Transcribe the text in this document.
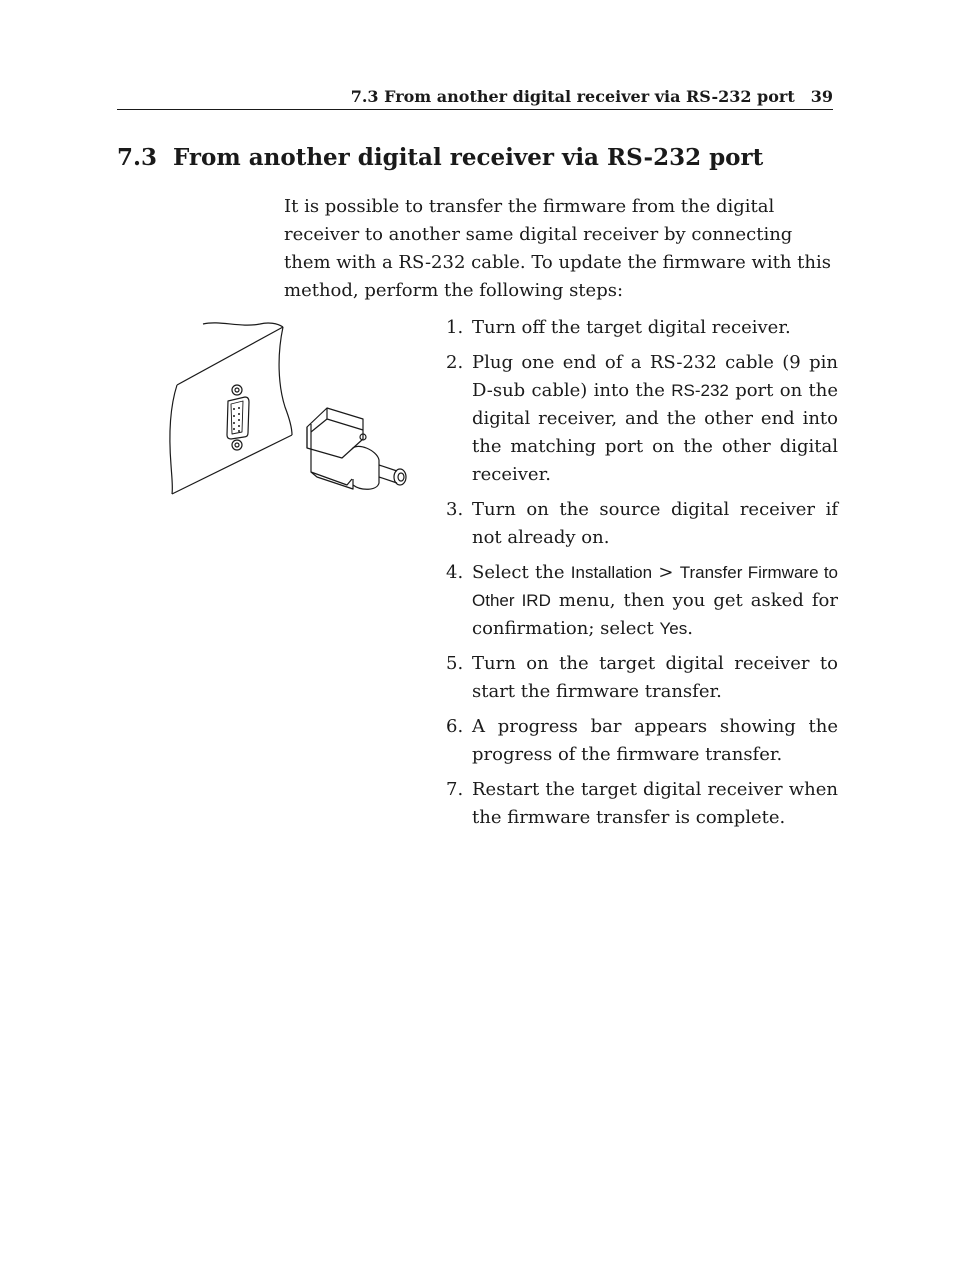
7.3 From another digital receiver via RS-232 port 39
7.3 From another digital receiver via RS-232 port

It is possible to transfer the firmware from the digital receiver to another same digital receiver by connecting them with a RS-232 cable. To update the firmware with this method, perform the following steps:

1. Turn off the target digital receiver.
2. Plug one end of a RS-232 cable (9 pin D-sub cable) into the RS-232 port on the digital receiver, and the other end into the matching port on the other digital receiver.
3. Turn on the source digital receiver if not already on.
4. Select the Installation > Transfer Firmware to Other IRD menu, then you get asked for confirmation; select Yes.
5. Turn on the target digital receiver to start the firmware transfer.
6. A progress bar appears showing the progress of the firmware transfer.
7. Restart the target digital receiver when the firmware transfer is complete.
